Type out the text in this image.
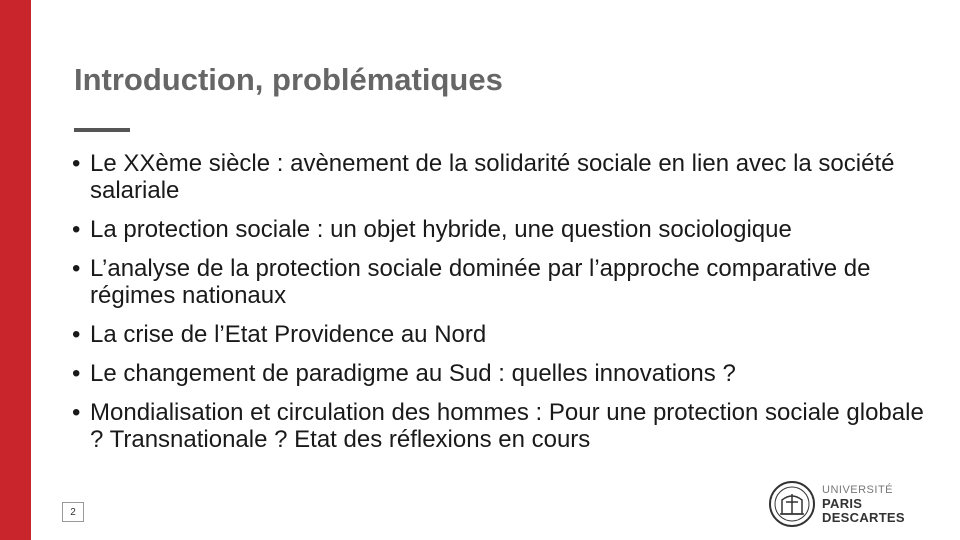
Introduction, problématiques
• Le XXème siècle : avènement de la solidarité sociale en lien avec la société salariale
• La protection sociale : un objet hybride, une question sociologique
• L’analyse de la protection sociale dominée par l’approche comparative de régimes nationaux
• La crise de l’Etat Providence au Nord
• Le changement de paradigme au Sud : quelles innovations ?
• Mondialisation et circulation des hommes : Pour une protection sociale globale ? Transnationale ? Etat des réflexions en cours
2
UNIVERSITÉ
PARIS
DESCARTES
